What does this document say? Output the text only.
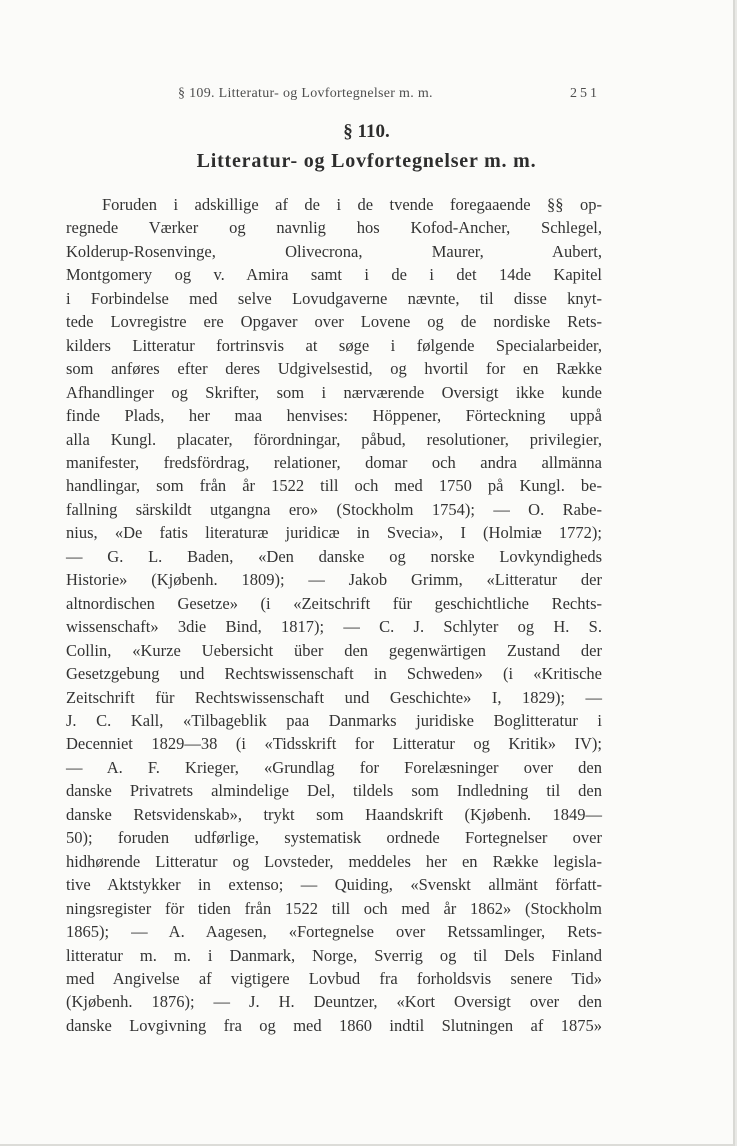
§ 109. Litteratur- og Lovfortegnelser m. m.	251
§ 110.
Litteratur- og Lovfortegnelser m. m.
Foruden i adskillige af de i de tvende foregaaende §§ op-
regnede Værker og navnlig hos Kofod-Ancher, Schlegel,
Kolderup-Rosenvinge, Olivecrona, Maurer, Aubert,
Montgomery og v. Amira samt i de i det 14de Kapitel
i Forbindelse med selve Lovudgaverne nævnte, til disse knyt-
tede Lovregistre ere Opgaver over Lovene og de nordiske Rets-
kilders Litteratur fortrinsvis at søge i følgende Specialarbeider,
som anføres efter deres Udgivelsestid, og hvortil for en Række
Afhandlinger og Skrifter, som i nærværende Oversigt ikke kunde
finde Plads, her maa henvises: Höppener, Förteckning uppå
alla Kungl. placater, förordningar, påbud, resolutioner, privilegier,
manifester, fredsfördrag, relationer, domar och andra allmänna
handlingar, som från år 1522 till och med 1750 på Kungl. be-
fallning särskildt utgangna ero» (Stockholm 1754); — O. Rabe-
nius, «De fatis literaturæ juridicæ in Svecia», I (Holmiæ 1772);
— G. L. Baden, «Den danske og norske Lovkyndigheds
Historie» (Kjøbenh. 1809); — Jakob Grimm, «Litteratur der
altnordischen Gesetze» (i «Zeitschrift für geschichtliche Rechts-
wissenschaft» 3die Bind, 1817); — C. J. Schlyter og H. S.
Collin, «Kurze Uebersicht über den gegenwärtigen Zustand der
Gesetzgebung und Rechtswissenschaft in Schweden» (i «Kritische
Zeitschrift für Rechtswissenschaft und Geschichte» I, 1829); —
J. C. Kall, «Tilbageblik paa Danmarks juridiske Boglitteratur i
Decenniet 1829—38 (i «Tidsskrift for Litteratur og Kritik» IV);
— A. F. Krieger, «Grundlag for Forelæsninger over den
danske Privatrets almindelige Del, tildels som Indledning til den
danske Retsvidenskab», trykt som Haandskrift (Kjøbenh. 1849—
50); foruden udførlige, systematisk ordnede Fortegnelser over
hidhørende Litteratur og Lovsteder, meddeles her en Række legisla-
tive Aktstykker in extenso; — Quiding, «Svenskt allmänt författ-
ningsregister för tiden från 1522 till och med år 1862» (Stockholm
1865); — A. Aagesen, «Fortegnelse over Retssamlinger, Rets-
litteratur m. m. i Danmark, Norge, Sverrig og til Dels Finland
med Angivelse af vigtigere Lovbud fra forholdsvis senere Tid»
(Kjøbenh. 1876); — J. H. Deuntzer, «Kort Oversigt over den
danske Lovgivning fra og med 1860 indtil Slutningen af 1875»
